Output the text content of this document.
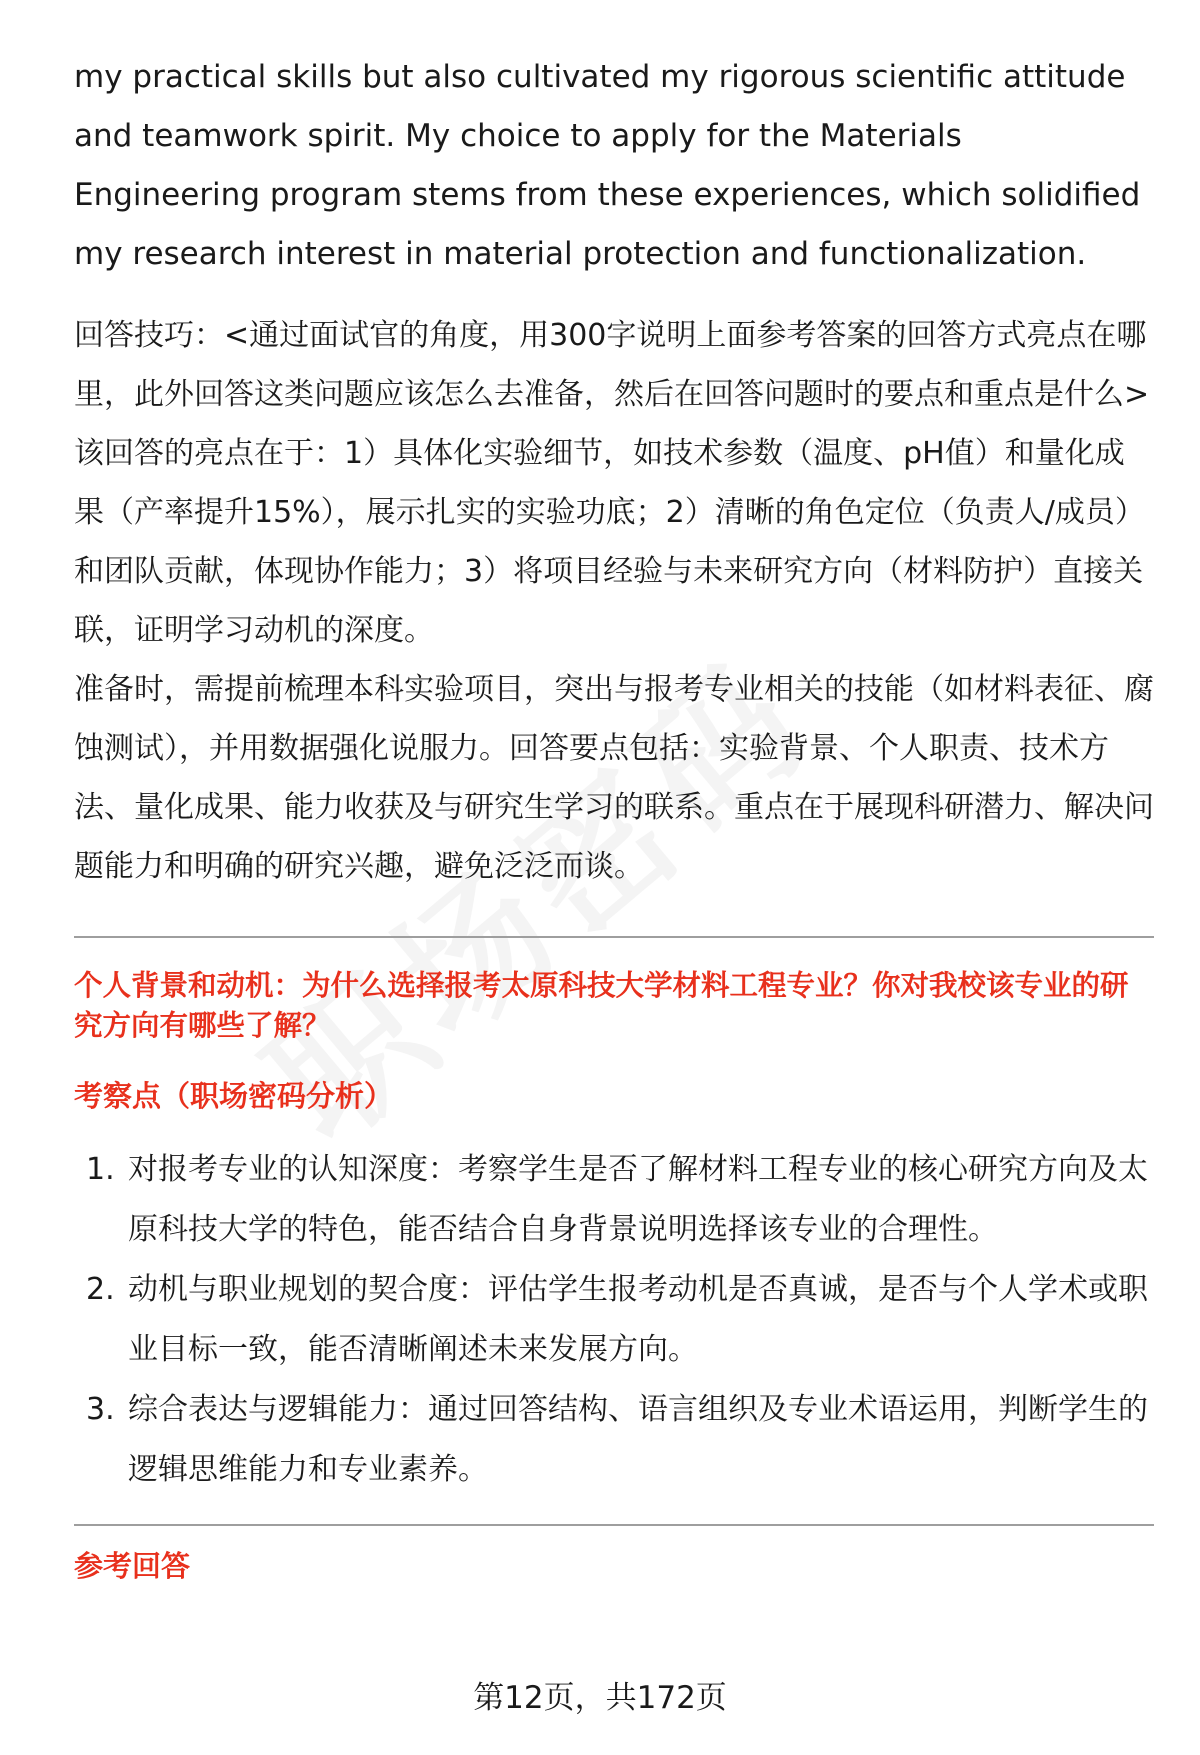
my practical skills but also cultivated my rigorous scientific attitude and teamwork spirit. My choice to apply for the Materials Engineering program stems from these experiences, which solidified my research interest in material protection and functionalization.

回答技巧：<通过面试官的角度，用300字说明上面参考答案的回答方式亮点在哪里，此外回答这类问题应该怎么去准备，然后在回答问题时的要点和重点是什么>

该回答的亮点在于：1）具体化实验细节，如技术参数（温度、pH值）和量化成果（产率提升15%），展示扎实的实验功底；2）清晰的角色定位（负责人/成员）和团队贡献，体现协作能力；3）将项目经验与未来研究方向（材料防护）直接关联，证明学习动机的深度。

准备时，需提前梳理本科实验项目，突出与报考专业相关的技能（如材料表征、腐蚀测试），并用数据强化说服力。回答要点包括：实验背景、个人职责、技术方法、量化成果、能力收获及与研究生学习的联系。重点在于展现科研潜力、解决问题能力和明确的研究兴趣，避免泛泛而谈。

个人背景和动机：为什么选择报考太原科技大学材料工程专业？你对我校该专业的研究方向有哪些了解？

考察点（职场密码分析）

1. 对报考专业的认知深度：考察学生是否了解材料工程专业的核心研究方向及太原科技大学的特色，能否结合自身背景说明选择该专业的合理性。
2. 动机与职业规划的契合度：评估学生报考动机是否真诚，是否与个人学术或职业目标一致，能否清晰阐述未来发展方向。
3. 综合表达与逻辑能力：通过回答结构、语言组织及专业术语运用，判断学生的逻辑思维能力和专业素养。

参考回答

第12页，共172页
